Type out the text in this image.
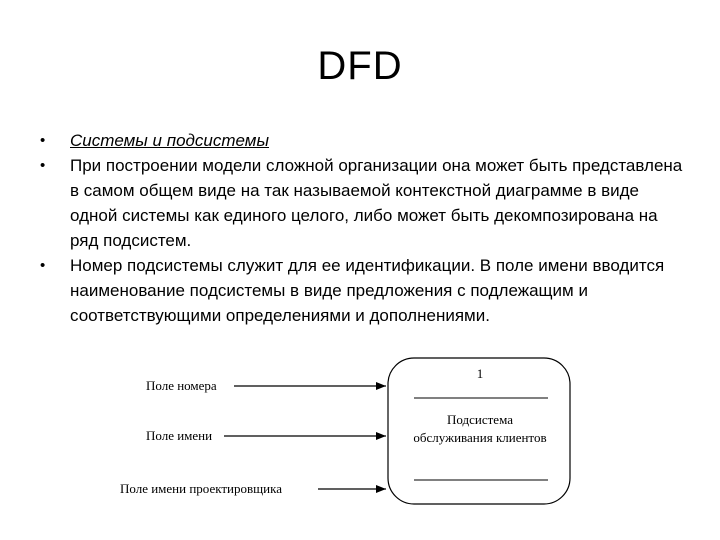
DFD
•	Системы и подсистемы
•	При построении модели сложной организации она может быть представлена в самом общем виде на так называемой контекстной диаграмме в виде одной системы как единого целого, либо может быть декомпозирована на ряд подсистем.
•	Номер подсистемы служит для ее идентификации. В поле имени вводится наименование подсистемы в виде предложения с подлежащим и соответствующими определениями и дополнениями.
Поле номера
Поле имени
Поле имени проектировщика
1
Подсистема
обслуживания клиентов
